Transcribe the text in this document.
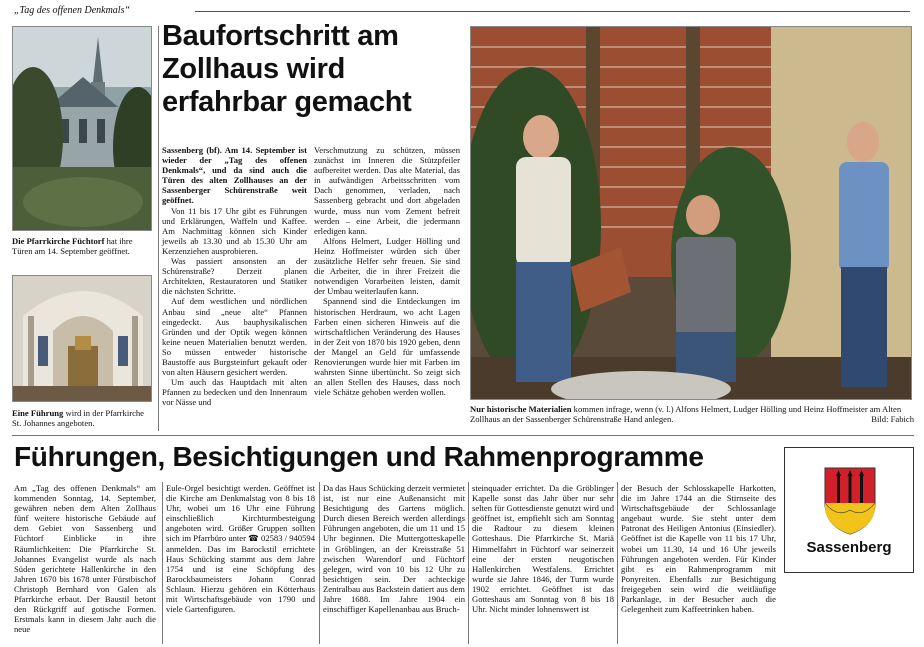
„Tag des offenen Denkmals“
Die Pfarrkirche Füchtorf hat ihre Türen am 14. September geöffnet.
Eine Führung wird in der Pfarrkirche St. Johannes angeboten.
Baufortschritt am Zollhaus wird erfahrbar gemacht

Sassenberg (bf). Am 14. September ist wieder der „Tag des offenen Denkmals“, und da sind auch die Türen des alten Zollhauses an der Sassenberger Schürenstraße weit geöffnet.

Von 11 bis 17 Uhr gibt es Führungen und Erklärungen, Waffeln und Kaffee. Am Nachmittag können sich Kinder jeweils ab 13.30 und ab 15.30 Uhr am Kerzenziehen ausprobieren.

Was passiert ansonsten an der Schürenstraße? Derzeit planen Architekten, Restauratoren und Statiker die nächsten Schritte.

Auf dem westlichen und nördlichen Anbau sind „neue alte“ Pfannen eingedeckt. Aus bauphysikalischen Gründen und der Optik wegen können keine neuen Materialien benutzt werden. So müssen entweder historische Baustoffe aus Burgsteinfurt gekauft oder von alten Häusern gesichert werden.

Um auch das Hauptdach mit alten Pfannen zu bedecken und den Innenraum vor Nässe und

Verschmutzung zu schützen, müssen zunächst im Inneren die Stützpfeiler aufbereitet werden. Das alte Material, das in aufwändigen Arbeitsschritten vom Dach genommen, verladen, nach Sassenberg gebracht und dort abgeladen wurde, muss nun vom Zement befreit werden – eine Arbeit, die jedermann erledigen kann.

Alfons Helmert, Ludger Hölling und Heinz Hoffmeister würden sich über zusätzliche Helfer sehr freuen. Sie sind die Arbeiter, die in ihrer Freizeit die notwendigen Vorarbeiten leisten, damit der Umbau weiterlaufen kann.

Spannend sind die Entdeckungen im historischen Herdraum, wo acht Lagen Farben einen sicheren Hinweis auf die wirtschaftlichen Veränderung des Hauses in der Zeit von 1870 bis 1920 geben, denn der Mangel an Geld für umfassende Renovierungen wurde hier mit Farben im wahrsten Sinne übertüncht. So zeigt sich an allen Stellen des Hauses, dass noch viele Schätze gehoben werden wollen.

Nur historische Materialien kommen infrage, wenn (v. l.) Alfons Helmert, Ludger Hölling und Heinz Hoffmeister am Alten Zollhaus an der Sassenberger Schürenstraße Hand anlegen.	Bild: Fabich
Führungen, Besichtigungen und Rahmenprogramme

Am „Tag des offenen Denkmals“ am kommenden Sonntag, 14. September, gewähren neben dem Alten Zollhaus fünf weitere historische Gebäude auf dem Gebiet von Sassenberg und Füchtorf Einblicke in ihre Räumlichkeiten: Die Pfarrkirche St. Johannes Evangelist wurde als nach Süden gerichtete Hallenkirche in den Jahren 1670 bis 1678 unter Fürstbischof Christoph Bernhard von Galen als Pfarrkirche erbaut. Der Baustil betont den Rückgriff auf gotische Formen. Erstmals kann in diesem Jahr auch die neue

Eule-Orgel besichtigt werden. Geöffnet ist die Kirche am Denkmalstag von 8 bis 18 Uhr, wobei um 16 Uhr eine Führung einschließlich Kirchturmbesteigung angeboten wird. Größer Gruppen sollten sich im Pfarrbüro unter ☎ 02583 / 940594 anmelden. Das im Barockstil errichtete Haus Schücking stammt aus dem Jahre 1754 und ist eine Schöpfung des Barockbaumeisters Johann Conrad Schlaun. Hierzu gehören ein Kötterhaus mit Wirtschaftsgebäude von 1790 und viele Gartenfiguren.

Da das Haus Schücking derzeit vermietet ist, ist nur eine Außenansicht mit Besichtigung des Gartens möglich. Durch diesen Bereich werden allerdings Führungen angeboten, die um 11 und 15 Uhr beginnen. Die Muttergotteskapelle in Gröblingen, an der Kreisstraße 51 zwischen Warendorf und Füchtorf gelegen, wird von 10 bis 12 Uhr zu besichtigen sein. Der achteckige Zentralbau aus Backstein datiert aus dem Jahre 1688. Im Jahre 1904 ein einschiffiger Kapellenanbau aus Bruch-

steinquader errichtet. Da die Gröblinger Kapelle sonst das Jahr über nur sehr selten für Gottesdienste genutzt wird und geöffnet ist, empfiehlt sich am Sonntag die Radtour zu diesem kleinen Gotteshaus. Die Pfarrkirche St. Mariä Himmelfahrt in Füchtorf war seinerzeit eine der ersten neugotischen Hallenkirchen Westfalens. Errichtet wurde sie Jahre 1846, der Turm wurde 1902 errichtet. Geöffnet ist das Gotteshaus am Sonntag von 8 bis 18 Uhr. Nicht minder lohnenswert ist

der Besuch der Schlosskapelle Harkotten, die im Jahre 1744 an die Stirnseite des Wirtschaftsgebäude der Schlossanlage angebaut wurde. Sie steht unter dem Patronat des Heiligen Antonius (Einsiedler). Geöffnet ist die Kapelle von 11 bis 17 Uhr, wobei um 11.30, 14 und 16 Uhr jeweils Führungen angeboten werden. Für Kinder gibt es ein Rahmenprogramm mit Ponyreiten. Ebenfalls zur Besichtigung freigegeben sein wird die weitläufige Parkanlage, in der Besucher auch die Gelegenheit zum Kaffeetrinken haben.

Sassenberg
